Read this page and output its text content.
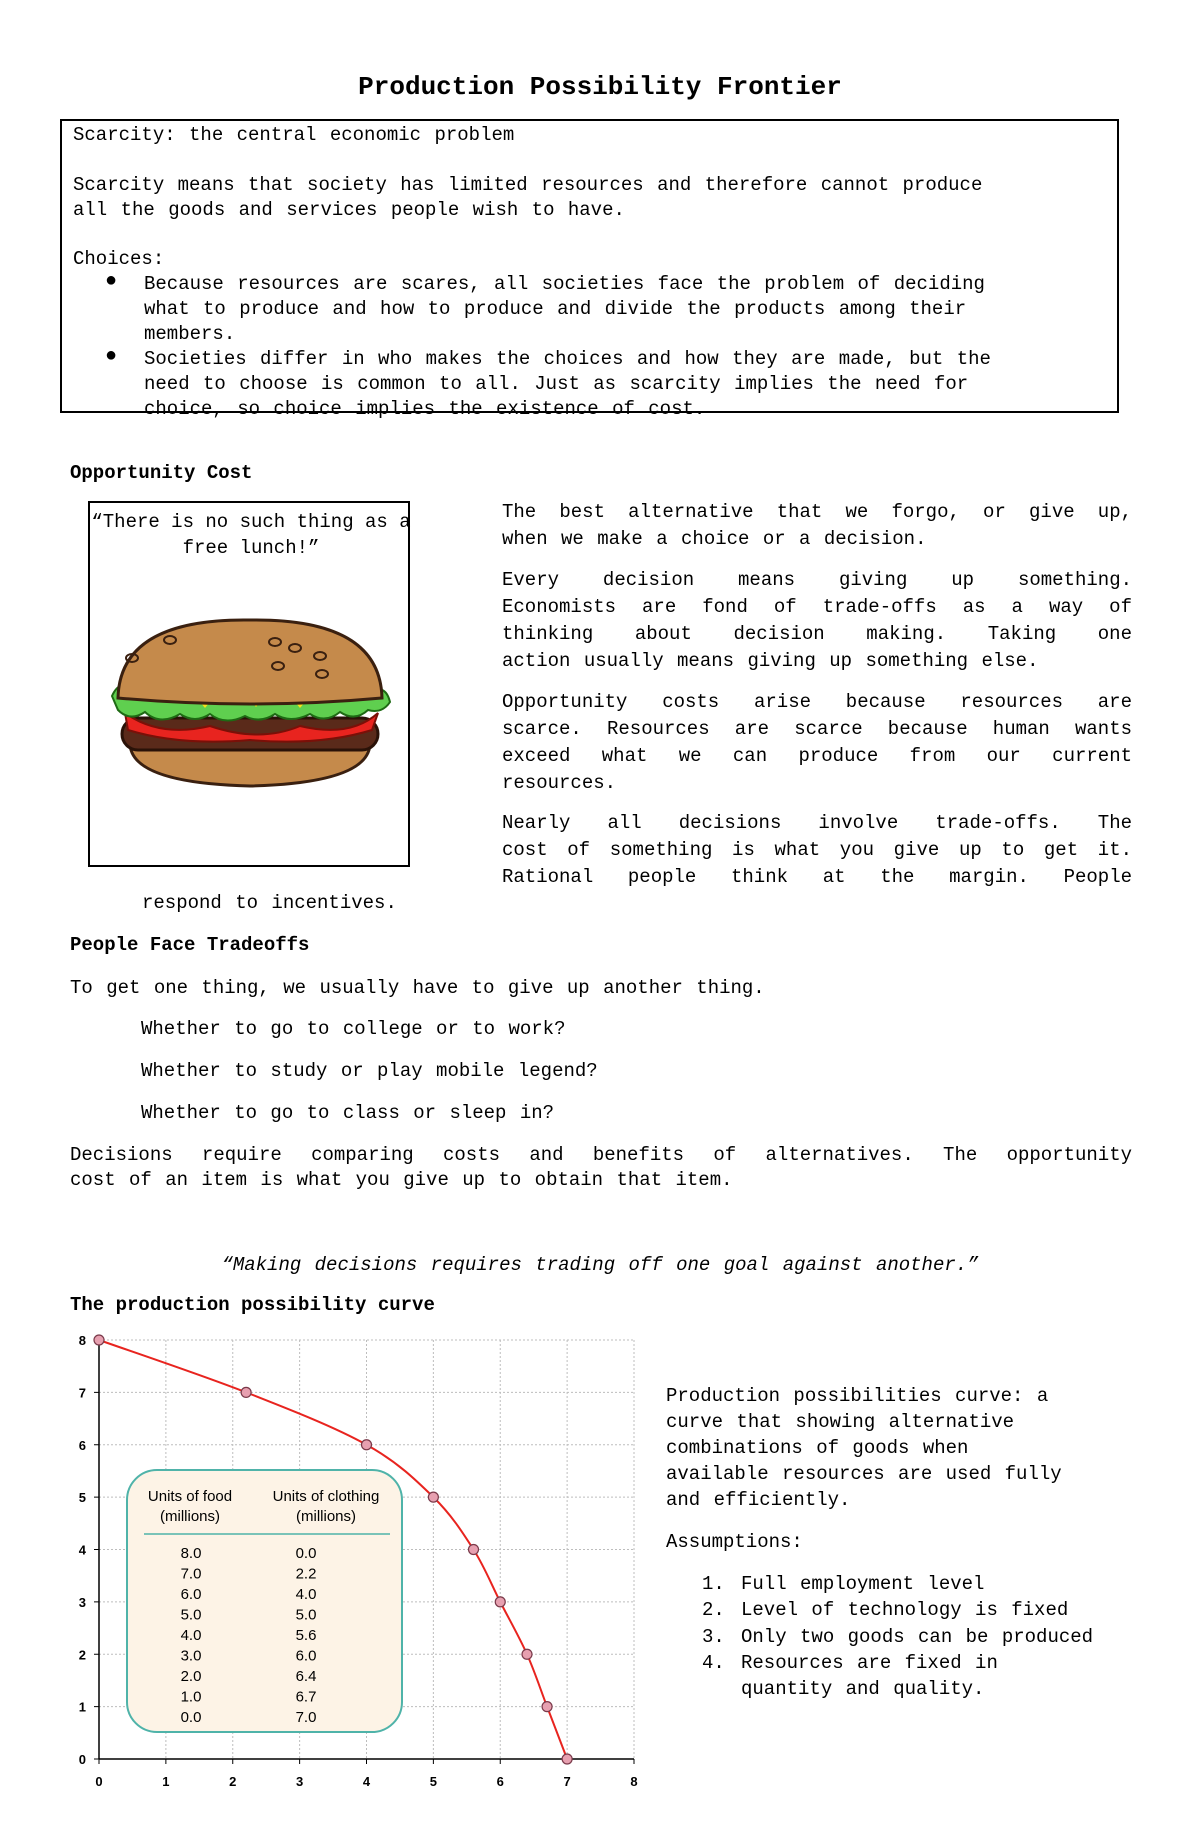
Production Possibility Frontier
Scarcity: the central economic problem
Scarcity means that society has limited resources and therefore cannot produce
all the goods and services people wish to have.
Choices:
● Because resources are scares, all societies face the problem of deciding
what to produce and how to produce and divide the products among their
members.
● Societies differ in who makes the choices and how they are made, but the
need to choose is common to all. Just as scarcity implies the need for
choice, so choice implies the existence of cost.
Opportunity Cost
“There is no such thing as a free lunch!”
The best alternative that we forgo, or give up,
when we make a choice or a decision.
Every decision means giving up something.
Economists are fond of trade-offs as a way of
thinking about decision making. Taking one
action usually means giving up something else.
Opportunity costs arise because resources are
scarce. Resources are scarce because human wants
exceed what we can produce from our current
resources.
Nearly all decisions involve trade-offs. The
cost of something is what you give up to get it.
Rational people think at the margin. People
respond to incentives.
People Face Tradeoffs
To get one thing, we usually have to give up another thing.
Whether to go to college or to work?
Whether to study or play mobile legend?
Whether to go to class or sleep in?
Decisions require comparing costs and benefits of alternatives. The opportunity
cost of an item is what you give up to obtain that item.
“Making decisions requires trading off one goal against another.”
The production possibility curve
0	1	2	3	4	5	6	7	8
0
1
2
3
4
5
6
7
8
Units of food
(millions)
Units of clothing
(millions)
8.0	0.0
7.0	2.2
6.0	4.0
5.0	5.0
4.0	5.6
3.0	6.0
2.0	6.4
1.0	6.7
0.0	7.0
Production possibilities curve: a
curve that showing alternative
combinations of goods when
available resources are used fully
and efficiently.
Assumptions:
1. Full employment level
2. Level of technology is fixed
3. Only two goods can be produced
4. Resources are fixed in
quantity and quality.
